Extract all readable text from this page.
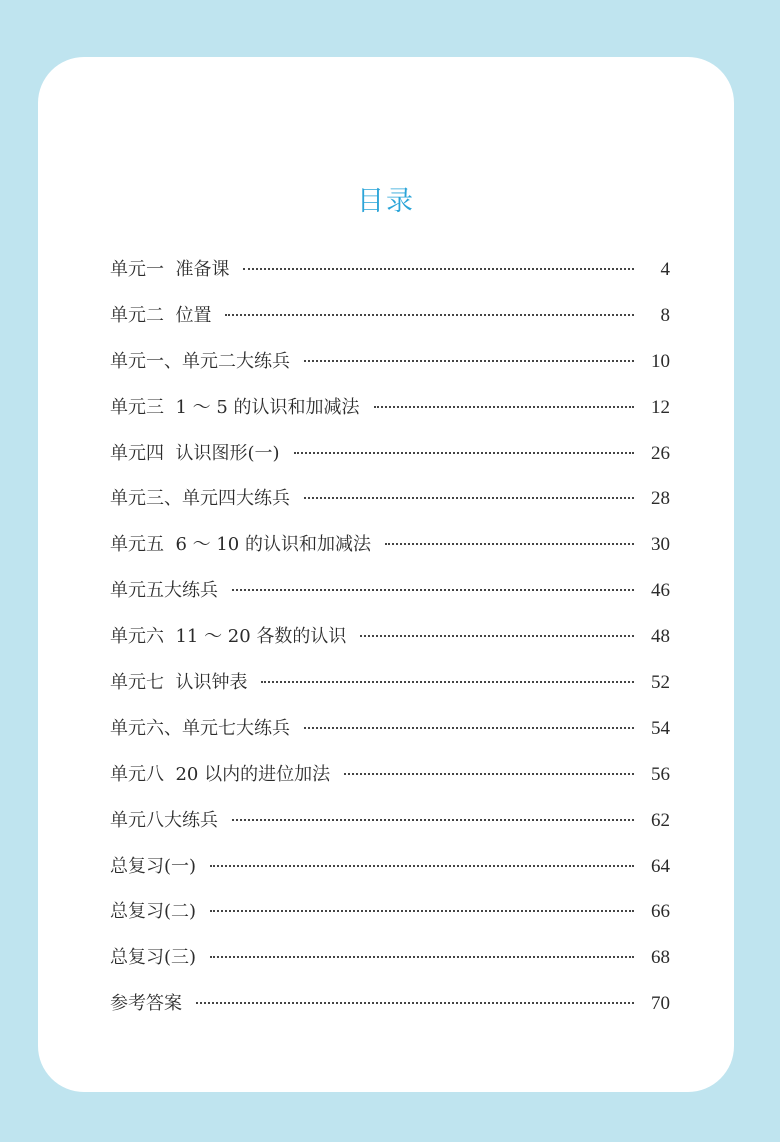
目录
单元一  准备课	4
单元二  位置	8
单元一、单元二大练兵	10
单元三  1 ～ 5 的认识和加减法	12
单元四  认识图形(一)	26
单元三、单元四大练兵	28
单元五  6 ～ 10 的认识和加减法	30
单元五大练兵	46
单元六  11 ～ 20 各数的认识	48
单元七  认识钟表	52
单元六、单元七大练兵	54
单元八  20 以内的进位加法	56
单元八大练兵	62
总复习(一)	64
总复习(二)	66
总复习(三)	68
参考答案	70
